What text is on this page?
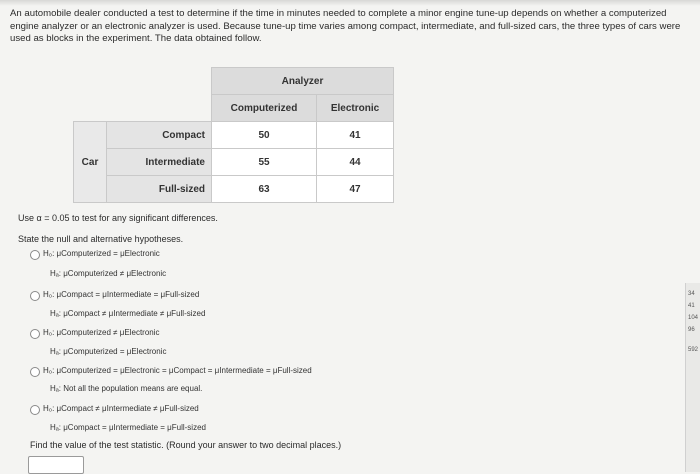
An automobile dealer conducted a test to determine if the time in minutes needed to complete a minor engine tune-up depends on whether a computerized engine analyzer or an electronic analyzer is used. Because tune-up time varies among compact, intermediate, and full-sized cars, the three types of cars were used as blocks in the experiment. The data obtained follow.
		Analyzer	
		Computerized	Electronic
Car	Compact	50	41
	Intermediate	55	44
	Full-sized	63	47
Use α = 0.05 to test for any significant differences.
State the null and alternative hypotheses.
H₀: μComputerized = μElectronic
Hₐ: μComputerized ≠ μElectronic
H₀: μCompact = μIntermediate = μFull-sized
Hₐ: μCompact ≠ μIntermediate ≠ μFull-sized
H₀: μComputerized ≠ μElectronic
Hₐ: μComputerized = μElectronic
H₀: μComputerized = μElectronic = μCompact = μIntermediate = μFull-sized
Hₐ: Not all the population means are equal.
H₀: μCompact ≠ μIntermediate ≠ μFull-sized
Hₐ: μCompact = μIntermediate = μFull-sized
Find the value of the test statistic. (Round your answer to two decimal places.)
34
41
104
96
592
